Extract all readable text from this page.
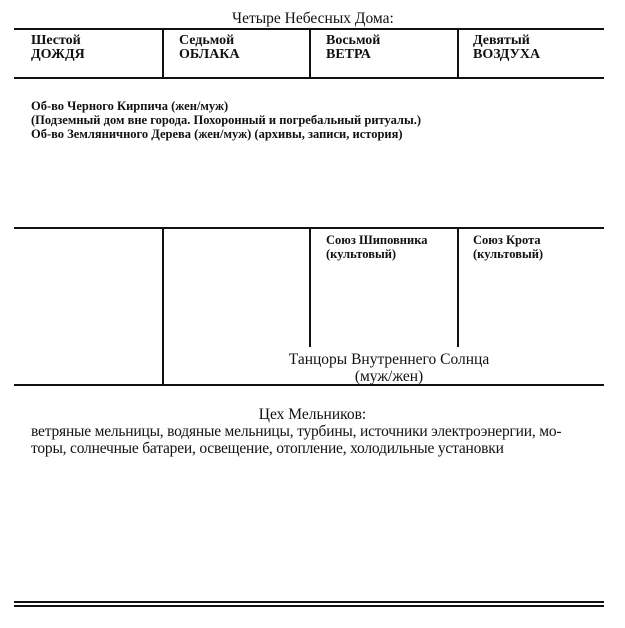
Четыре Небесных Дома:
Шестой
ДОЖДЯ
Седьмой
ОБЛАКА
Восьмой
ВЕТРА
Девятый
ВОЗДУХА
Об-во Черного Кирпича (жен/муж)
(Подземный дом вне города. Похоронный и погребальный ритуалы.)
Об-во Земляничного Дерева (жен/муж) (архивы, записи, история)
Союз Шиповника
(культовый)
Союз Крота
(культовый)
Танцоры Внутреннего Солнца
(муж/жен)
Цех Мельников:
ветряные мельницы, водяные мельницы, турбины, источники электроэнергии, мо-
торы, солнечные батареи, освещение, отопление, холодильные установки
